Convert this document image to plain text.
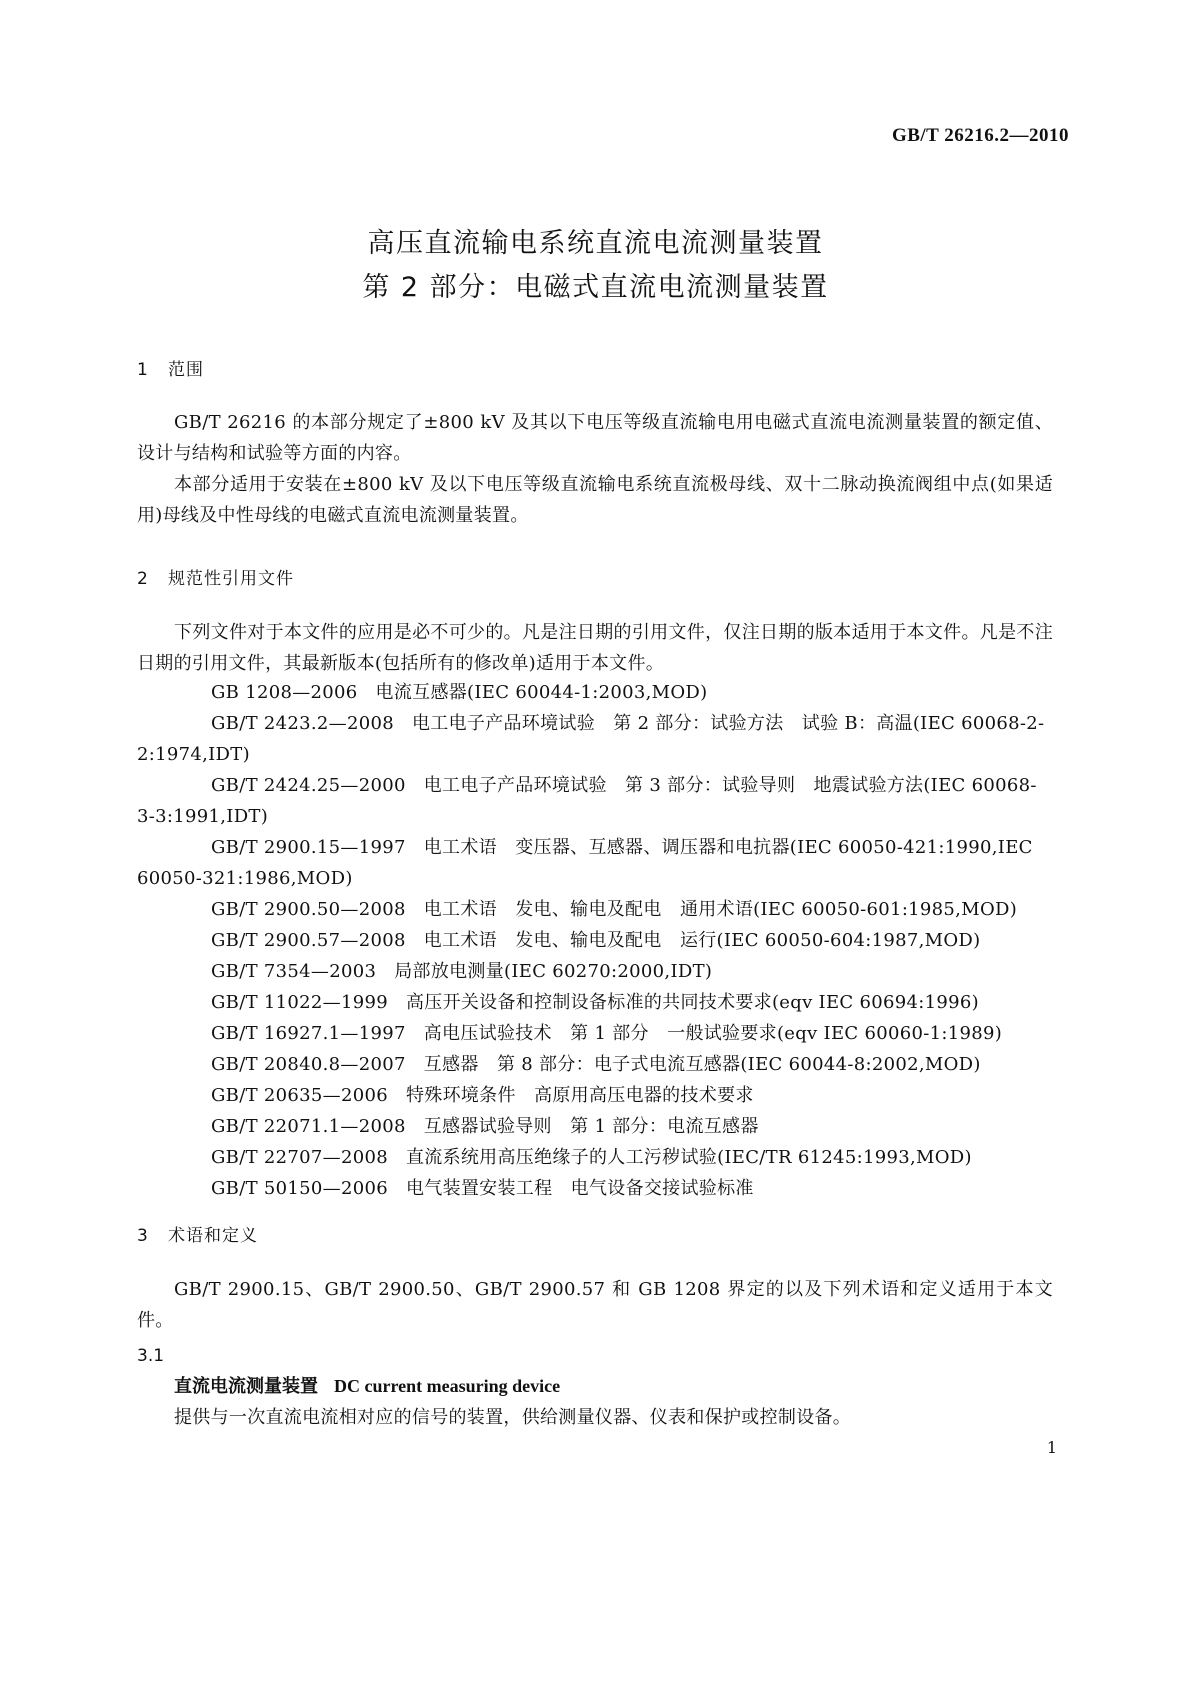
GB/T 26216.2—2010
高压直流输电系统直流电流测量装置
第 2 部分：电磁式直流电流测量装置
1 范围
GB/T 26216 的本部分规定了±800 kV 及其以下电压等级直流输电用电磁式直流电流测量装置的额定值、设计与结构和试验等方面的内容。
本部分适用于安装在±800 kV 及以下电压等级直流输电系统直流极母线、双十二脉动换流阀组中点(如果适用)母线及中性母线的电磁式直流电流测量装置。
2 规范性引用文件
下列文件对于本文件的应用是必不可少的。凡是注日期的引用文件，仅注日期的版本适用于本文件。凡是不注日期的引用文件，其最新版本(包括所有的修改单)适用于本文件。
GB 1208—2006 电流互感器(IEC 60044-1:2003,MOD)
GB/T 2423.2—2008 电工电子产品环境试验　第 2 部分：试验方法　试验 B：高温(IEC 60068-2-2:1974,IDT)
GB/T 2424.25—2000 电工电子产品环境试验　第 3 部分：试验导则　地震试验方法(IEC 60068-3-3:1991,IDT)
GB/T 2900.15—1997 电工术语　变压器、互感器、调压器和电抗器(IEC 60050-421:1990,IEC 60050-321:1986,MOD)
GB/T 2900.50—2008 电工术语　发电、输电及配电　通用术语(IEC 60050-601:1985,MOD)
GB/T 2900.57—2008 电工术语　发电、输电及配电　运行(IEC 60050-604:1987,MOD)
GB/T 7354—2003 局部放电测量(IEC 60270:2000,IDT)
GB/T 11022—1999 高压开关设备和控制设备标准的共同技术要求(eqv IEC 60694:1996)
GB/T 16927.1—1997 高电压试验技术　第 1 部分　一般试验要求(eqv IEC 60060-1:1989)
GB/T 20840.8—2007 互感器　第 8 部分：电子式电流互感器(IEC 60044-8:2002,MOD)
GB/T 20635—2006 特殊环境条件　高原用高压电器的技术要求
GB/T 22071.1—2008 互感器试验导则　第 1 部分：电流互感器
GB/T 22707—2008 直流系统用高压绝缘子的人工污秽试验(IEC/TR 61245:1993,MOD)
GB/T 50150—2006 电气装置安装工程　电气设备交接试验标准
3 术语和定义
GB/T 2900.15、GB/T 2900.50、GB/T 2900.57 和 GB 1208 界定的以及下列术语和定义适用于本文件。
3.1
直流电流测量装置 DC current measuring device
提供与一次直流电流相对应的信号的装置，供给测量仪器、仪表和保护或控制设备。
1
